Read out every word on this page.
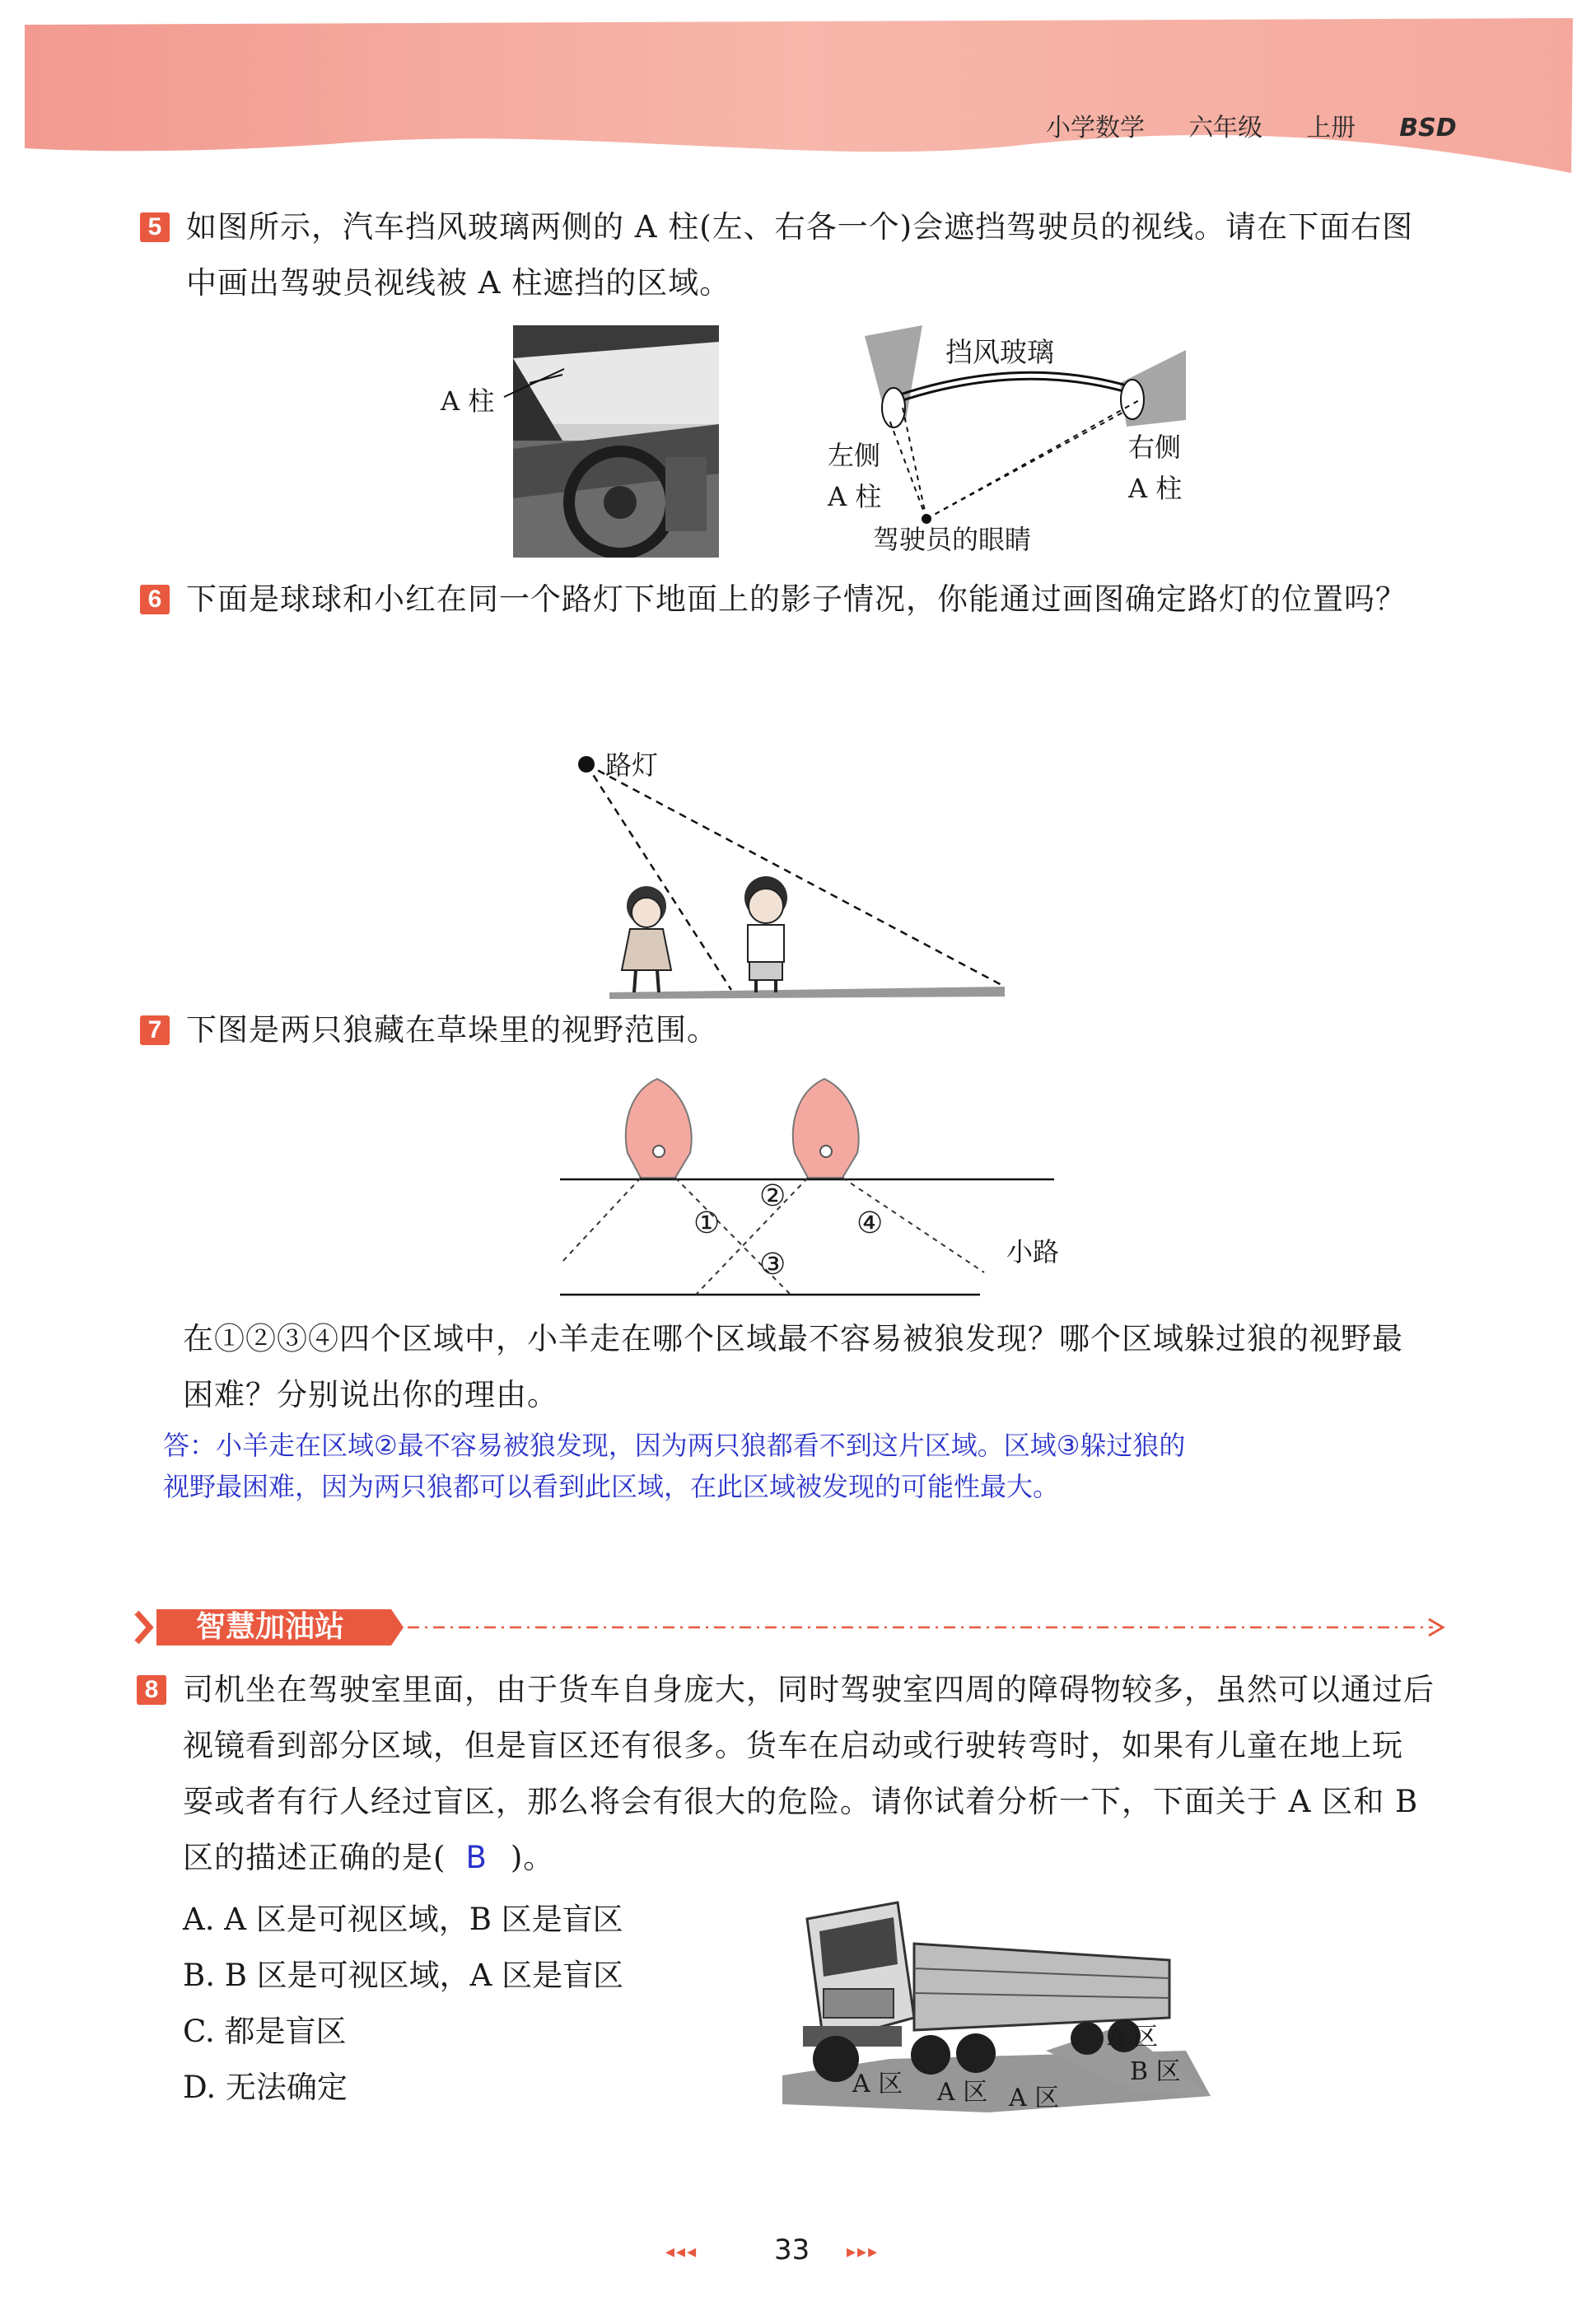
小学数学 六年级 上册 BSD
5 如图所示，汽车挡风玻璃两侧的 A 柱(左、右各一个)会遮挡驾驶员的视线。请在下面右图
中画出驾驶员视线被 A 柱遮挡的区域。
A 柱
挡风玻璃
左侧
A 柱
右侧
A 柱
驾驶员的眼睛
6 下面是球球和小红在同一个路灯下地面上的影子情况，你能通过画图确定路灯的位置吗？
路灯
7 下图是两只狼藏在草垛里的视野范围。
①
②
③
④
小路
在①②③④四个区域中，小羊走在哪个区域最不容易被狼发现？哪个区域躲过狼的视野最
困难？分别说出你的理由。
答：小羊走在区域②最不容易被狼发现，因为两只狼都看不到这片区域。区域③躲过狼的
视野最困难，因为两只狼都可以看到此区域，在此区域被发现的可能性最大。
智慧加油站
8 司机坐在驾驶室里面，由于货车自身庞大，同时驾驶室四周的障碍物较多，虽然可以通过后
视镜看到部分区域，但是盲区还有很多。货车在启动或行驶转弯时，如果有儿童在地上玩
耍或者有行人经过盲区，那么将会有很大的危险。请你试着分析一下，下面关于 A 区和 B
区的描述正确的是( B )。
A. A 区是可视区域，B 区是盲区
B. B 区是可视区域，A 区是盲区
C. 都是盲区
D. 无法确定
A 区
B 区
A 区 A 区 A 区
◂◂◂	33 ▸▸▸
